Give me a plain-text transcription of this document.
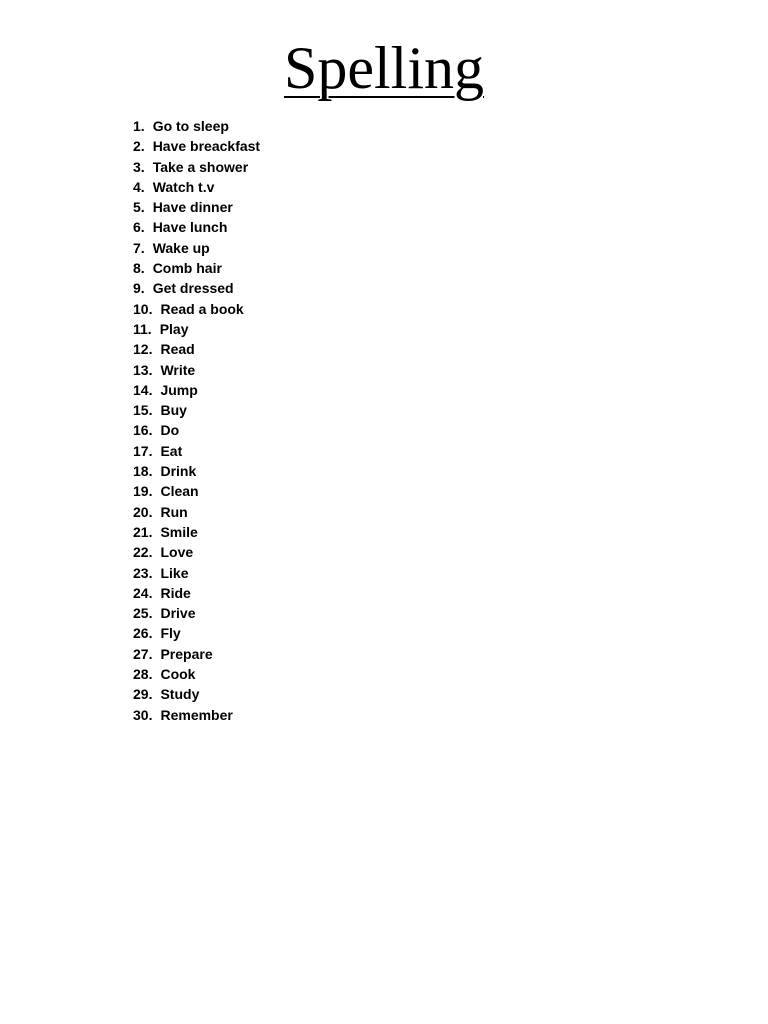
Spelling
1. Go to sleep
2. Have breackfast
3. Take a shower
4. Watch t.v
5. Have dinner
6. Have lunch
7. Wake up
8. Comb hair
9. Get dressed
10. Read a book
11. Play
12. Read
13. Write
14. Jump
15. Buy
16. Do
17. Eat
18. Drink
19. Clean
20. Run
21. Smile
22. Love
23. Like
24. Ride
25. Drive
26. Fly
27. Prepare
28. Cook
29. Study
30. Remember
